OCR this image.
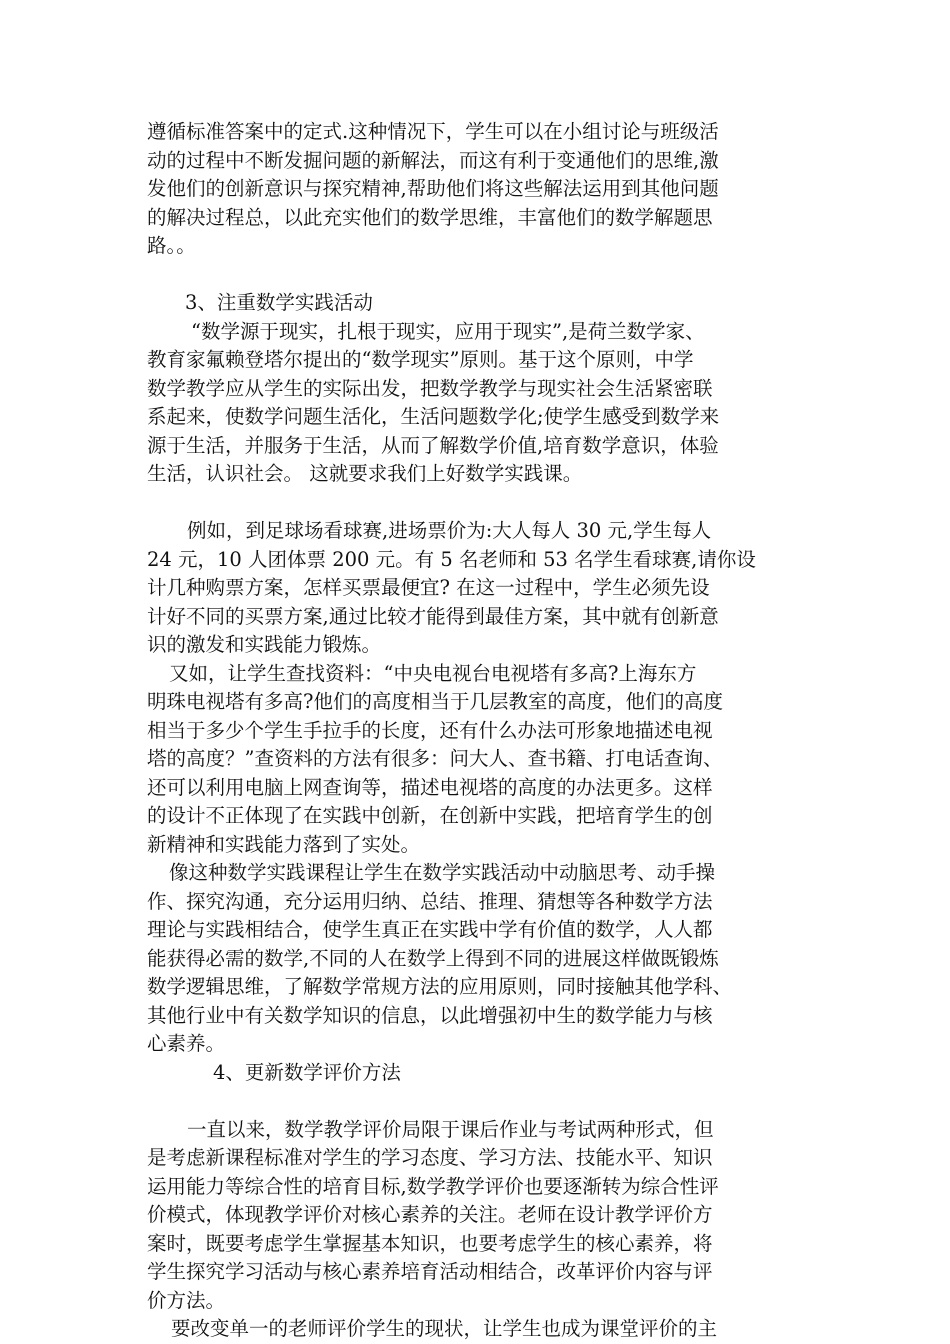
遵循标准答案中的定式.这种情况下，学生可以在小组讨论与班级活
动的过程中不断发掘问题的新解法，而这有利于变通他们的思维,激
发他们的创新意识与探究精神,帮助他们将这些解法运用到其他问题
的解决过程总，以此充实他们的数学思维，丰富他们的数学解题思
路。。
3、注重数学实践活动
“数学源于现实，扎根于现实，应用于现实”,是荷兰数学家、
教育家氟赖登塔尔提出的“数学现实”原则。基于这个原则，中学
数学教学应从学生的实际出发，把数学教学与现实社会生活紧密联
系起来，使数学问题生活化，生活问题数学化;使学生感受到数学来
源于生活，并服务于生活，从而了解数学价值,培育数学意识，体验
生活，认识社会。 这就要求我们上好数学实践课。
例如，到足球场看球赛,进场票价为:大人每人 30 元,学生每人
24 元，10 人团体票 200 元。有 5 名老师和 53 名学生看球赛,请你设
计几种购票方案，怎样买票最便宜? 在这一过程中，学生必须先设
计好不同的买票方案,通过比较才能得到最佳方案，其中就有创新意
识的激发和实践能力锻炼。
又如，让学生查找资料：“中央电视台电视塔有多高?上海东方
明珠电视塔有多高?他们的高度相当于几层教室的高度，他们的高度
相当于多少个学生手拉手的长度，还有什么办法可形象地描述电视
塔的高度？”查资料的方法有很多：问大人、查书籍、打电话查询、
还可以利用电脑上网查询等，描述电视塔的高度的办法更多。这样
的设计不正体现了在实践中创新，在创新中实践，把培育学生的创
新精神和实践能力落到了实处。
像这种数学实践课程让学生在数学实践活动中动脑思考、动手操
作、探究沟通，充分运用归纳、总结、推理、猜想等各种数学方法
理论与实践相结合，使学生真正在实践中学有价值的数学，人人都
能获得必需的数学,不同的人在数学上得到不同的进展这样做既锻炼
数学逻辑思维，了解数学常规方法的应用原则，同时接触其他学科、
其他行业中有关数学知识的信息，以此增强初中生的数学能力与核
心素养。
4、更新数学评价方法
一直以来，数学教学评价局限于课后作业与考试两种形式，但
是考虑新课程标准对学生的学习态度、学习方法、技能水平、知识
运用能力等综合性的培育目标,数学教学评价也要逐渐转为综合性评
价模式，体现教学评价对核心素养的关注。老师在设计教学评价方
案时，既要考虑学生掌握基本知识，也要考虑学生的核心素养，将
学生探究学习活动与核心素养培育活动相结合，改革评价内容与评
价方法。
要改变单一的老师评价学生的现状，让学生也成为课堂评价的主
